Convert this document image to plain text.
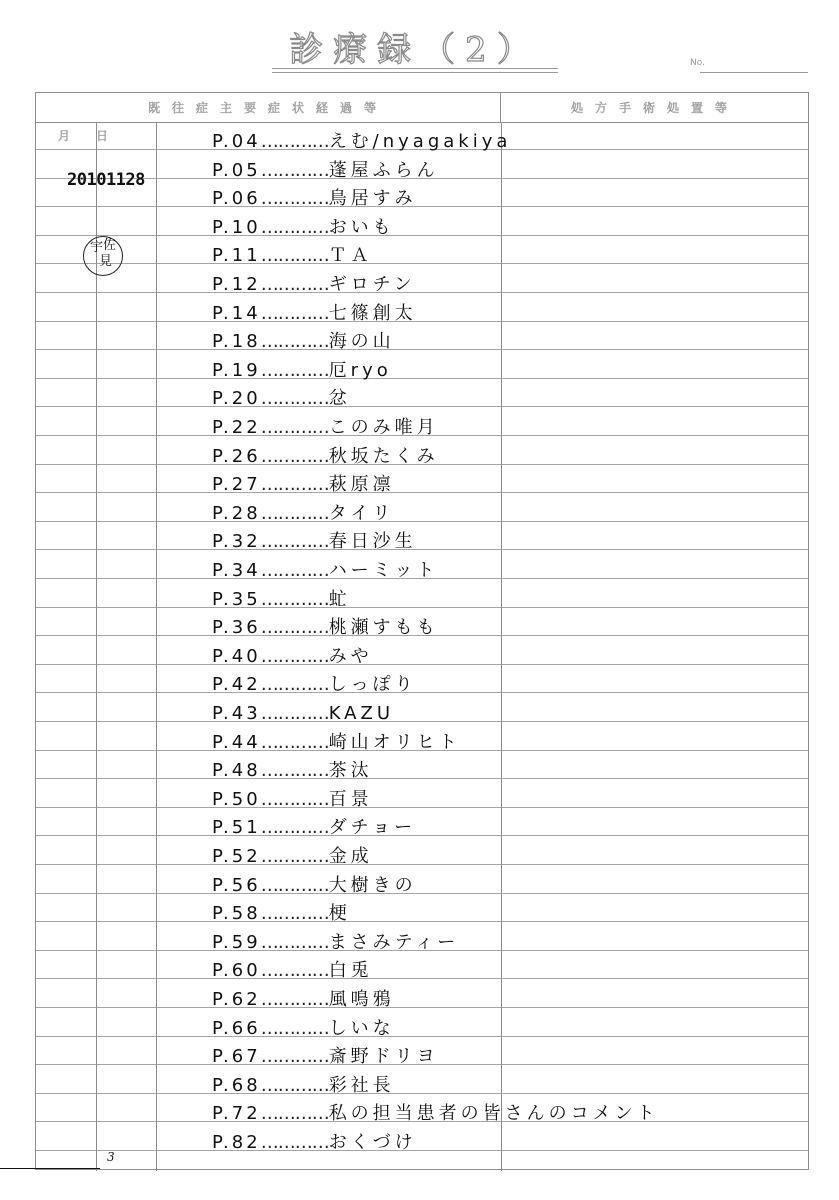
診療録（2）	No.
既往症主要症状経過等	処方手術処置等
月日
20101128
宇 佐
見
P.04…………えむ/nyagakiya
P.05…………蓬屋ふらん
P.06…………鳥居すみ
P.10…………おいも
P.11…………ＴＡ
P.12…………ギロチン
P.14…………七篠創太
P.18…………海の山
P.19…………厄ryo
P.20…………忿
P.22…………このみ唯月
P.26…………秋坂たくみ
P.27…………萩原凛
P.28…………タイリ
P.32…………春日沙生
P.34…………ハーミット
P.35…………虻
P.36…………桃瀬すもも
P.40…………みや
P.42…………しっぽり
P.43…………KAZU
P.44…………崎山オリヒト
P.48…………茶汰
P.50…………百景
P.51…………ダチョー
P.52…………金成
P.56…………大樹きの
P.58…………梗
P.59…………まさみティー
P.60…………白兎
P.62…………風鳴鴉
P.66…………しいな
P.67…………斎野ドリヨ
P.68…………彩社長
P.72…………私の担当患者の皆さんのコメント
P.82…………おくづけ
3
